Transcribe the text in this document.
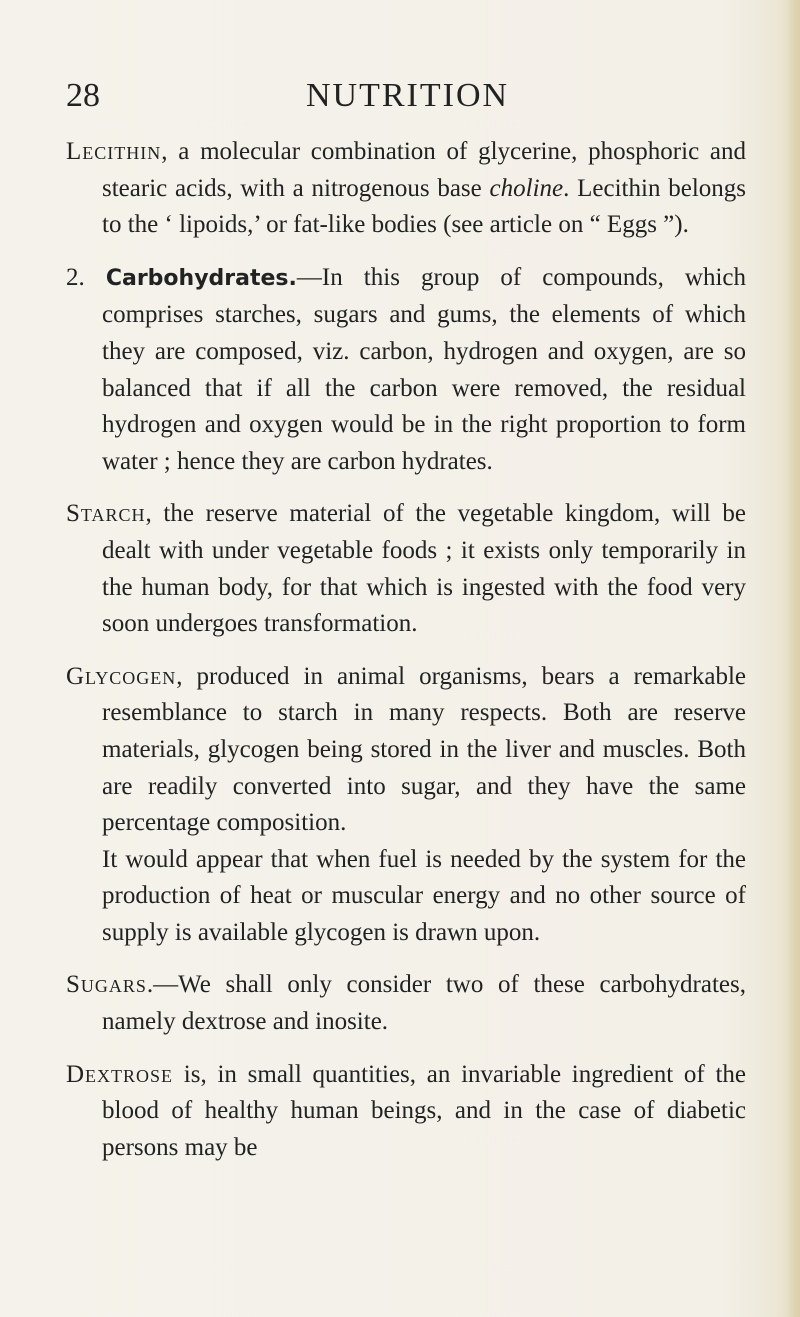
28	NUTRITION

Lecithin, a molecular combination of glycerine, phosphoric and stearic acids, with a nitrogenous base choline. Lecithin belongs to the ‘ lipoids,’ or fat-like bodies (see article on “ Eggs ”).

2. Carbohydrates.—In this group of compounds, which comprises starches, sugars and gums, the elements of which they are composed, viz. carbon, hydrogen and oxygen, are so balanced that if all the carbon were removed, the residual hydrogen and oxygen would be in the right proportion to form water ; hence they are carbon hydrates.

Starch, the reserve material of the vegetable kingdom, will be dealt with under vegetable foods ; it exists only temporarily in the human body, for that which is ingested with the food very soon undergoes transformation.

Glycogen, produced in animal organisms, bears a remarkable resemblance to starch in many respects. Both are reserve materials, glycogen being stored in the liver and muscles. Both are readily converted into sugar, and they have the same percentage composition.

It would appear that when fuel is needed by the system for the production of heat or muscular energy and no other source of supply is available glycogen is drawn upon.

Sugars.—We shall only consider two of these carbohydrates, namely dextrose and inosite.

Dextrose is, in small quantities, an invariable ingredient of the blood of healthy human beings, and in the case of diabetic persons may be
